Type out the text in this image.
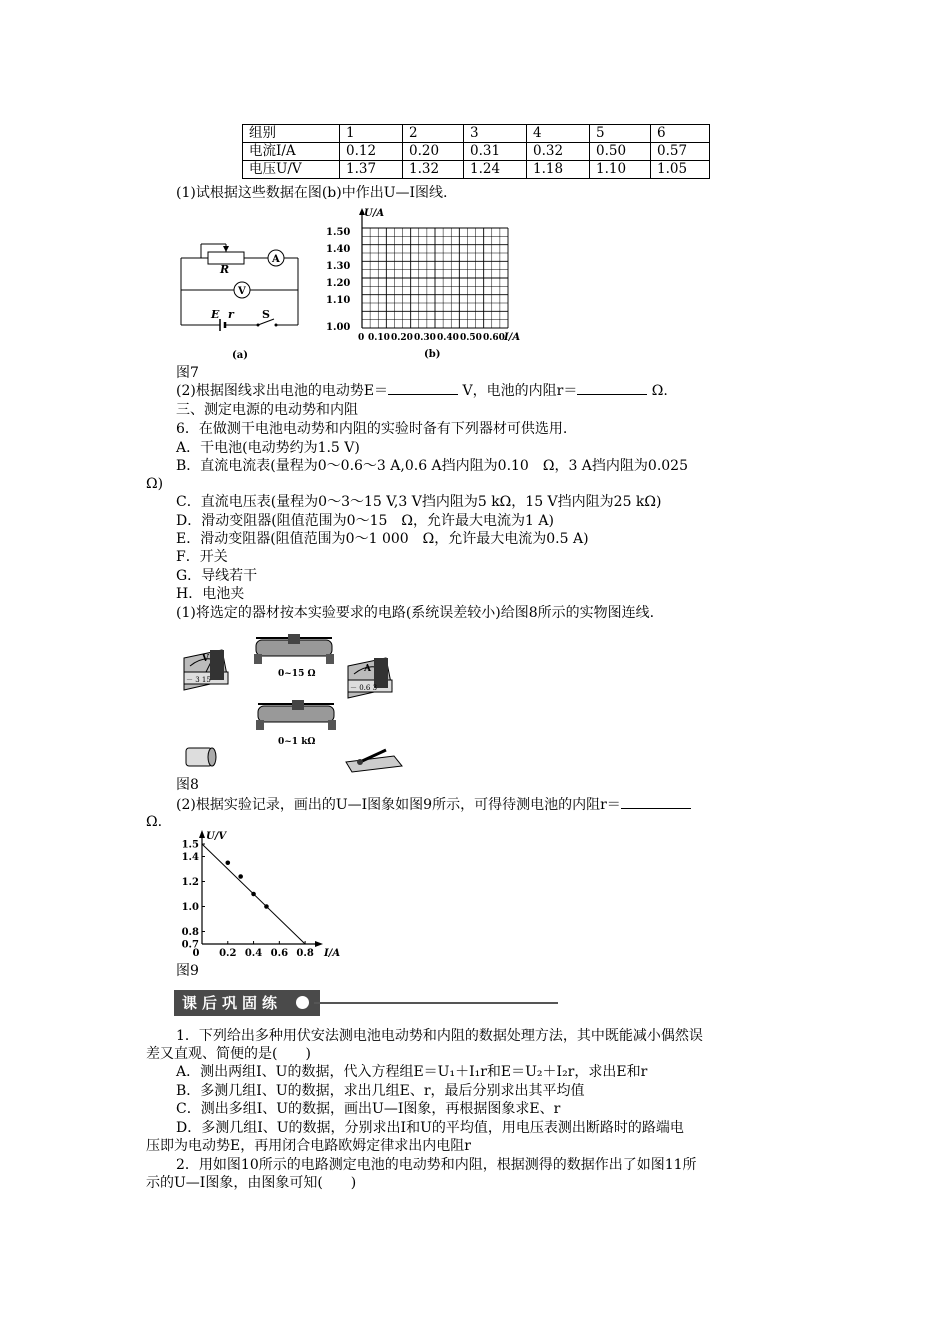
组别	1	2	3	4	5	6
电流I/A	0.12	0.20	0.31	0.32	0.50	0.57
电压U/V	1.37	1.32	1.24	1.18	1.10	1.05
(1)试根据这些数据在图(b)中作出U—I图线.
R
A
V
E r	S
(a)
U/A
1.50
1.40
1.30
1.20
1.10
1.00
0 0.10 0.20 0.30 0.40 0.50 0.60 I/A
(b)
图7
(2)根据图线求出电池的电动势E＝	V，电池的内阻r＝	Ω.
三、测定电源的电动势和内阻
6．在做测干电池电动势和内阻的实验时备有下列器材可供选用.
A．干电池(电动势约为1.5 V)
B．直流电流表(量程为0～0.6～3 A,0.6 A挡内阻为0.10　Ω，3 A挡内阻为0.025
Ω)
C．直流电压表(量程为0～3～15 V,3 V挡内阻为5 kΩ，15 V挡内阻为25 kΩ)
D．滑动变阻器(阻值范围为0～15　Ω，允许最大电流为1 A)
E．滑动变阻器(阻值范围为0～1 000　Ω，允许最大电流为0.5 A)
F．开关
G．导线若干
H．电池夹
(1)将选定的器材按本实验要求的电路(系统误差较小)给图8所示的实物图连线.
V
－ 3 15
0~15 Ω	A
－ 0.6 3
0~1 kΩ
图8
(2)根据实验记录，画出的U—I图象如图9所示，可得待测电池的内阻r＝
Ω.
U/V
I/A
1.5
1.4
1.2
1.0
0.8
0.7
0 0.2 0.4 0.6 0.8
图9
课后巩固练
1．下列给出多种用伏安法测电池电动势和内阻的数据处理方法，其中既能减小偶然误
差又直观、简便的是(　　)
A．测出两组I、U的数据，代入方程组E＝U₁＋I₁r和E＝U₂＋I₂r，求出E和r
B．多测几组I、U的数据，求出几组E、r，最后分别求出其平均值
C．测出多组I、U的数据，画出U—I图象，再根据图象求E、r
D．多测几组I、U的数据，分别求出I和U的平均值，用电压表测出断路时的路端电
压即为电动势E，再用闭合电路欧姆定律求出内电阻r
2．用如图10所示的电路测定电池的电动势和内阻，根据测得的数据作出了如图11所
示的U—I图象，由图象可知(　　)
